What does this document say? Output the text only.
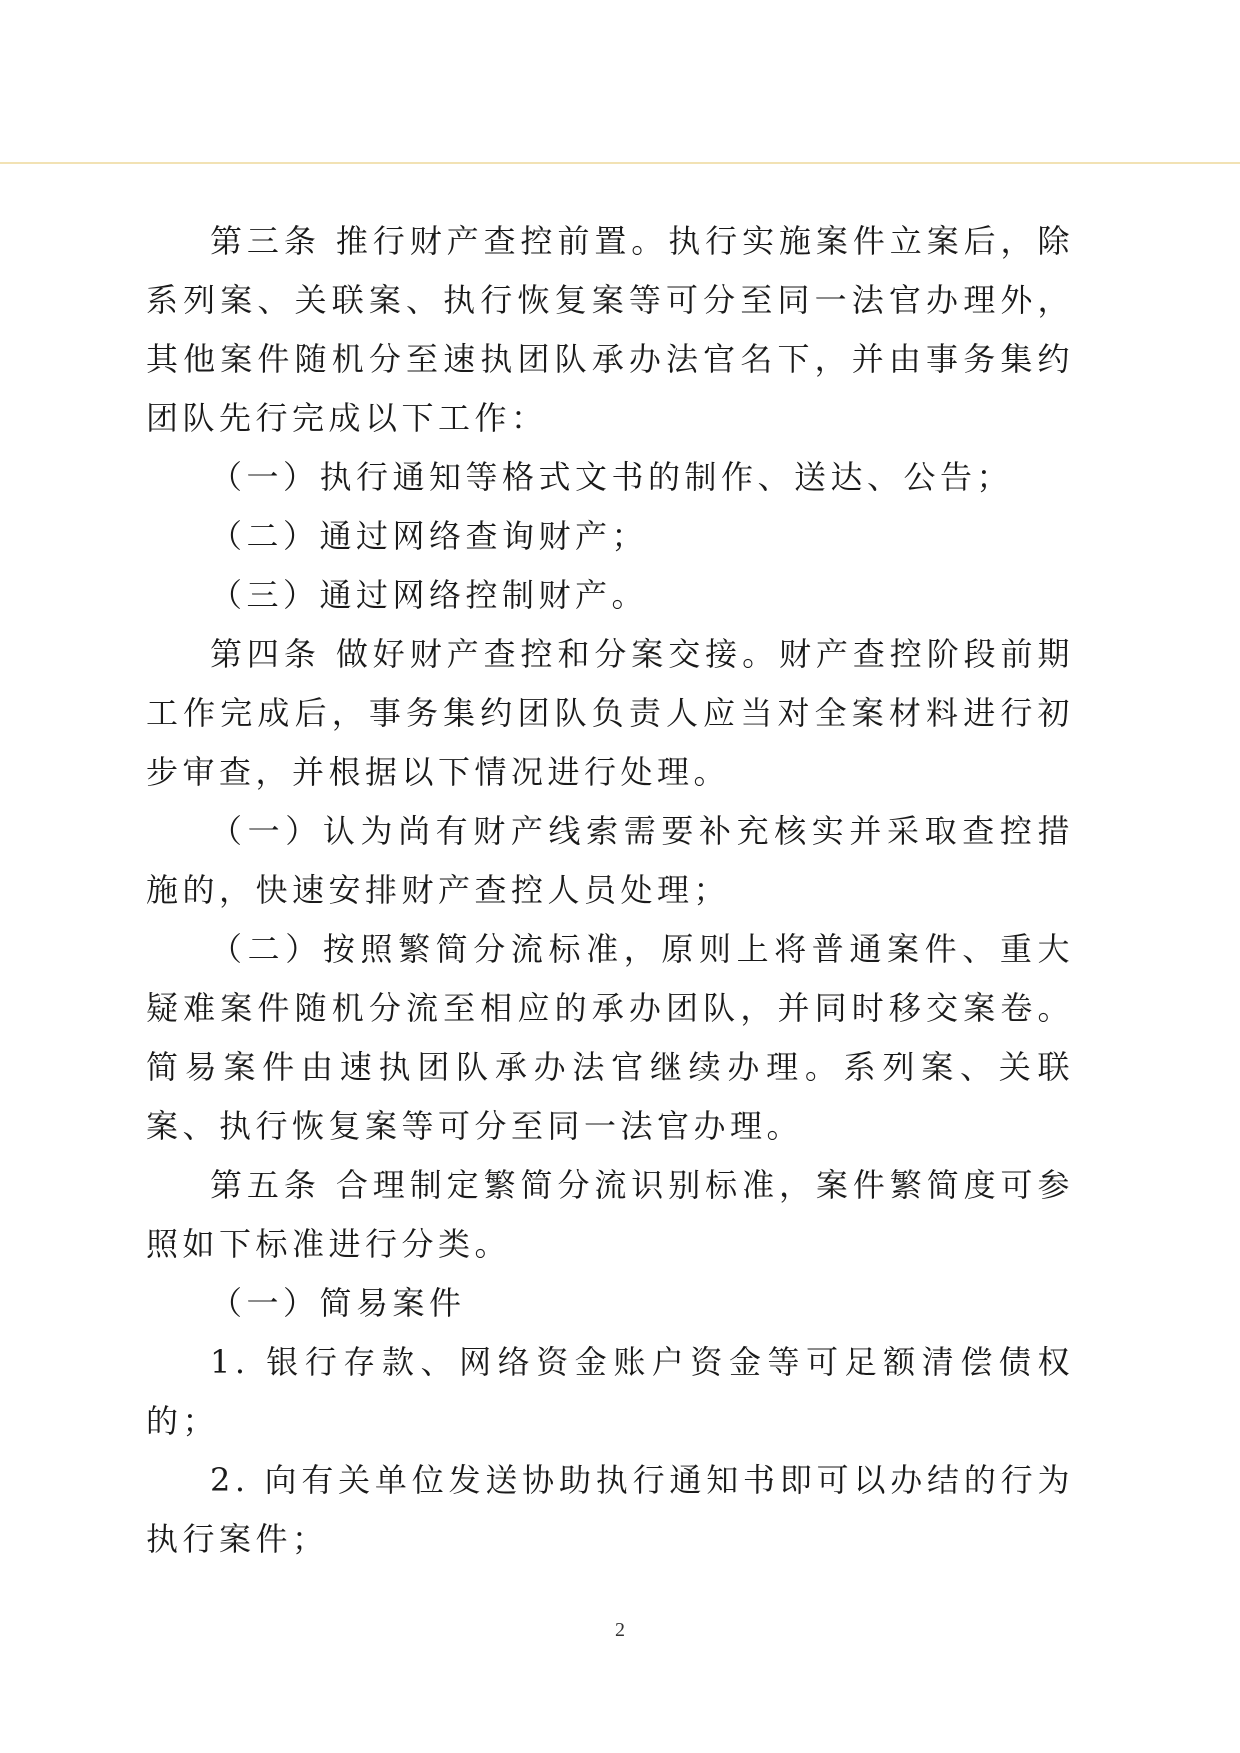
第三条 推行财产查控前置。执行实施案件立案后，除系列案、关联案、执行恢复案等可分至同一法官办理外，其他案件随机分至速执团队承办法官名下，并由事务集约团队先行完成以下工作：

（一）执行通知等格式文书的制作、送达、公告；

（二）通过网络查询财产；

（三）通过网络控制财产。

第四条 做好财产查控和分案交接。财产查控阶段前期工作完成后，事务集约团队负责人应当对全案材料进行初步审查，并根据以下情况进行处理。

（一）认为尚有财产线索需要补充核实并采取查控措施的，快速安排财产查控人员处理；

（二）按照繁简分流标准，原则上将普通案件、重大疑难案件随机分流至相应的承办团队，并同时移交案卷。简易案件由速执团队承办法官继续办理。系列案、关联案、执行恢复案等可分至同一法官办理。

第五条 合理制定繁简分流识别标准，案件繁简度可参照如下标准进行分类。

（一）简易案件

1. 银行存款、网络资金账户资金等可足额清偿债权的；

2. 向有关单位发送协助执行通知书即可以办结的行为执行案件；

2
